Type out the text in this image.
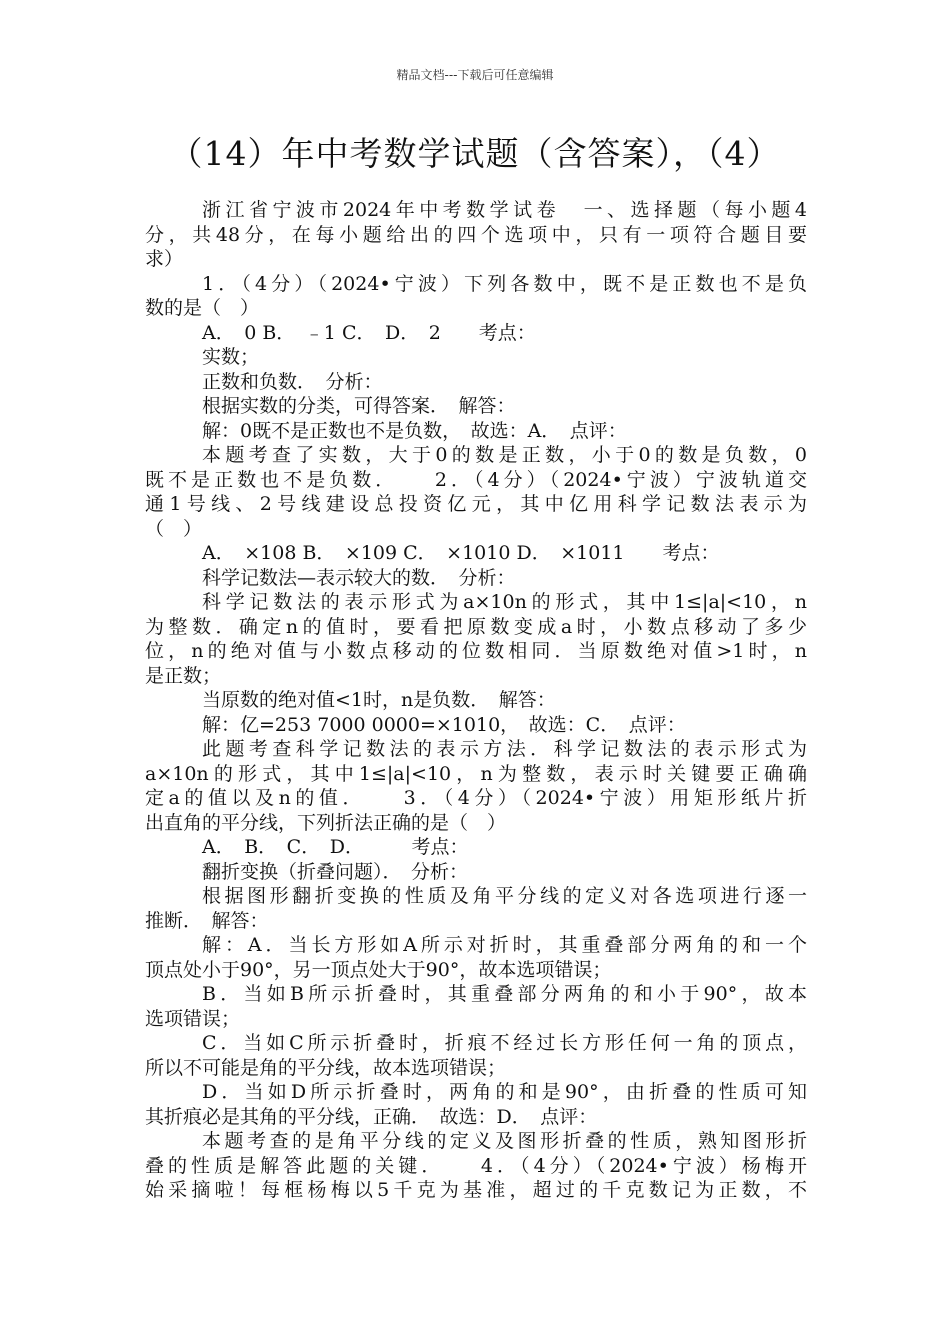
精品文档---下载后可任意编辑
（14）年中考数学试题（含答案），（4）
浙江省宁波市2024年中考数学试卷　一、选择题（每小题4
分，共48分，在每小题给出的四个选项中，只有一项符合题目要
求）
1．（4分）（2024•宁波）下列各数中，既不是正数也不是负
数的是（　）
A．　0 B．　﹣1 C．　D．　2　　考点：
实数；
正数和负数．　分析：
根据实数的分类，可得答案．　解答：
解：0既不是正数也不是负数，　故选：A．　点评：
本题考查了实数，大于0的数是正数，小于0的数是负数，0
既不是正数也不是负数．　　2．（4分）（2024•宁波）宁波轨道交
通1号线、2号线建设总投资亿元，其中亿用科学记数法表示为
（　）
A．　×108 B．　×109 C．　×1010 D．　×1011　　考点：
科学记数法—表示较大的数．　分析：
科学记数法的表示形式为a×10n的形式，其中1≤|a|<10，n
为整数．确定n的值时，要看把原数变成a时，小数点移动了多少
位，n的绝对值与小数点移动的位数相同．当原数绝对值>1时，n
是正数；
当原数的绝对值<1时，n是负数．　解答：
解：亿=253 7000 0000=×1010，　故选：C．　点评：
此题考查科学记数法的表示方法．科学记数法的表示形式为
a×10n的形式，其中1≤|a|<10，n为整数，表示时关键要正确确
定a的值以及n的值．　　3．（4分）（2024•宁波）用矩形纸片折
出直角的平分线，下列折法正确的是（　）
A．　B．　C．　D．　　　考点：
翻折变换（折叠问题）．　分析：
根据图形翻折变换的性质及角平分线的定义对各选项进行逐一
推断．　解答：
解：A．当长方形如A所示对折时，其重叠部分两角的和一个
顶点处小于90°，另一顶点处大于90°，故本选项错误；
B．当如B所示折叠时，其重叠部分两角的和小于90°，故本
选项错误；
C．当如C所示折叠时，折痕不经过长方形任何一角的顶点，
所以不可能是角的平分线，故本选项错误；
D．当如D所示折叠时，两角的和是90°，由折叠的性质可知
其折痕必是其角的平分线，正确．　故选：D．　点评：
本题考查的是角平分线的定义及图形折叠的性质，熟知图形折
叠的性质是解答此题的关键．　　4．（4分）（2024•宁波）杨梅开
始采摘啦！每框杨梅以5千克为基准，超过的千克数记为正数，不
